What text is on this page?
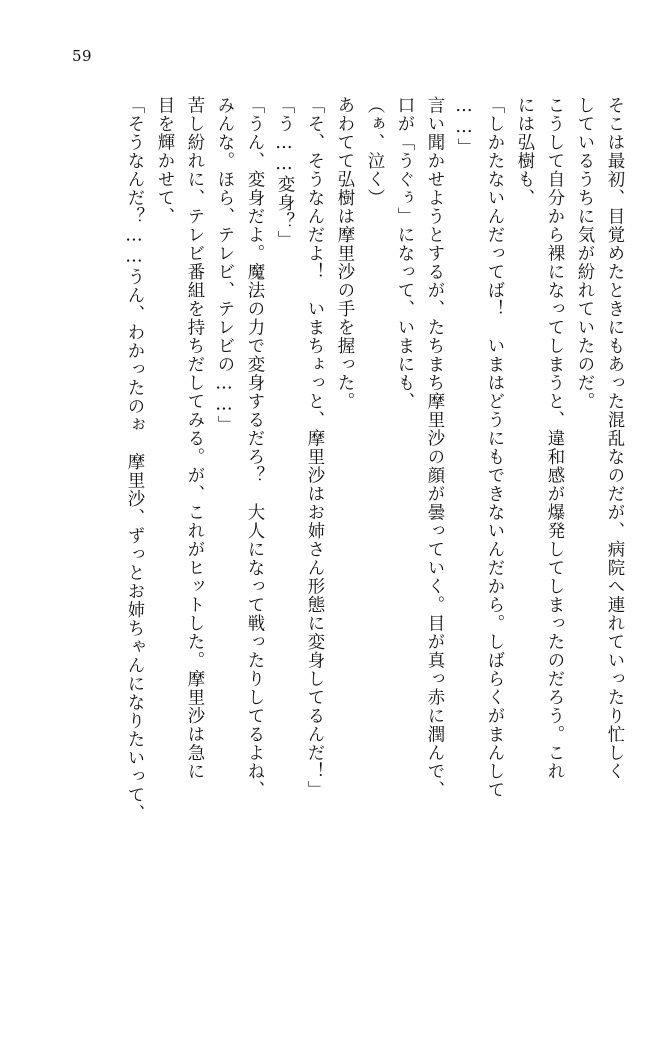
59
そこは最初、目覚めたときにもあった混乱なのだが、病院へ連れていったり忙しく
しているうちに気が紛れていたのだ。
こうして自分から裸になってしまうと、違和感が爆発してしまったのだろう。これ
には弘樹も、
「しかたないんだってば！　いまはどうにもできないんだから。しばらくがまんして
……」
言い聞かせようとするが、たちまち摩里沙の顔が曇っていく。目が真っ赤に潤んで、
口が「うぐぅ」になって、いまにも、
（ぁ、泣く）
あわてて弘樹は摩里沙の手を握った。
「そ、そうなんだよ！　いまちょっと、摩里沙はお姉さん形態に変身してるんだ！」
「う……変身？」
「うん、変身だよ。魔法の力で変身するだろ？　大人になって戦ったりしてるよね、
みんな。ほら、テレビ、テレビの……」
苦し紛れに、テレビ番組を持ちだしてみる。が、これがヒットした。摩里沙は急に
目を輝かせて、
「そうなんだ？……うん、わかったのぉ　摩里沙、ずっとお姉ちゃんになりたいって、
